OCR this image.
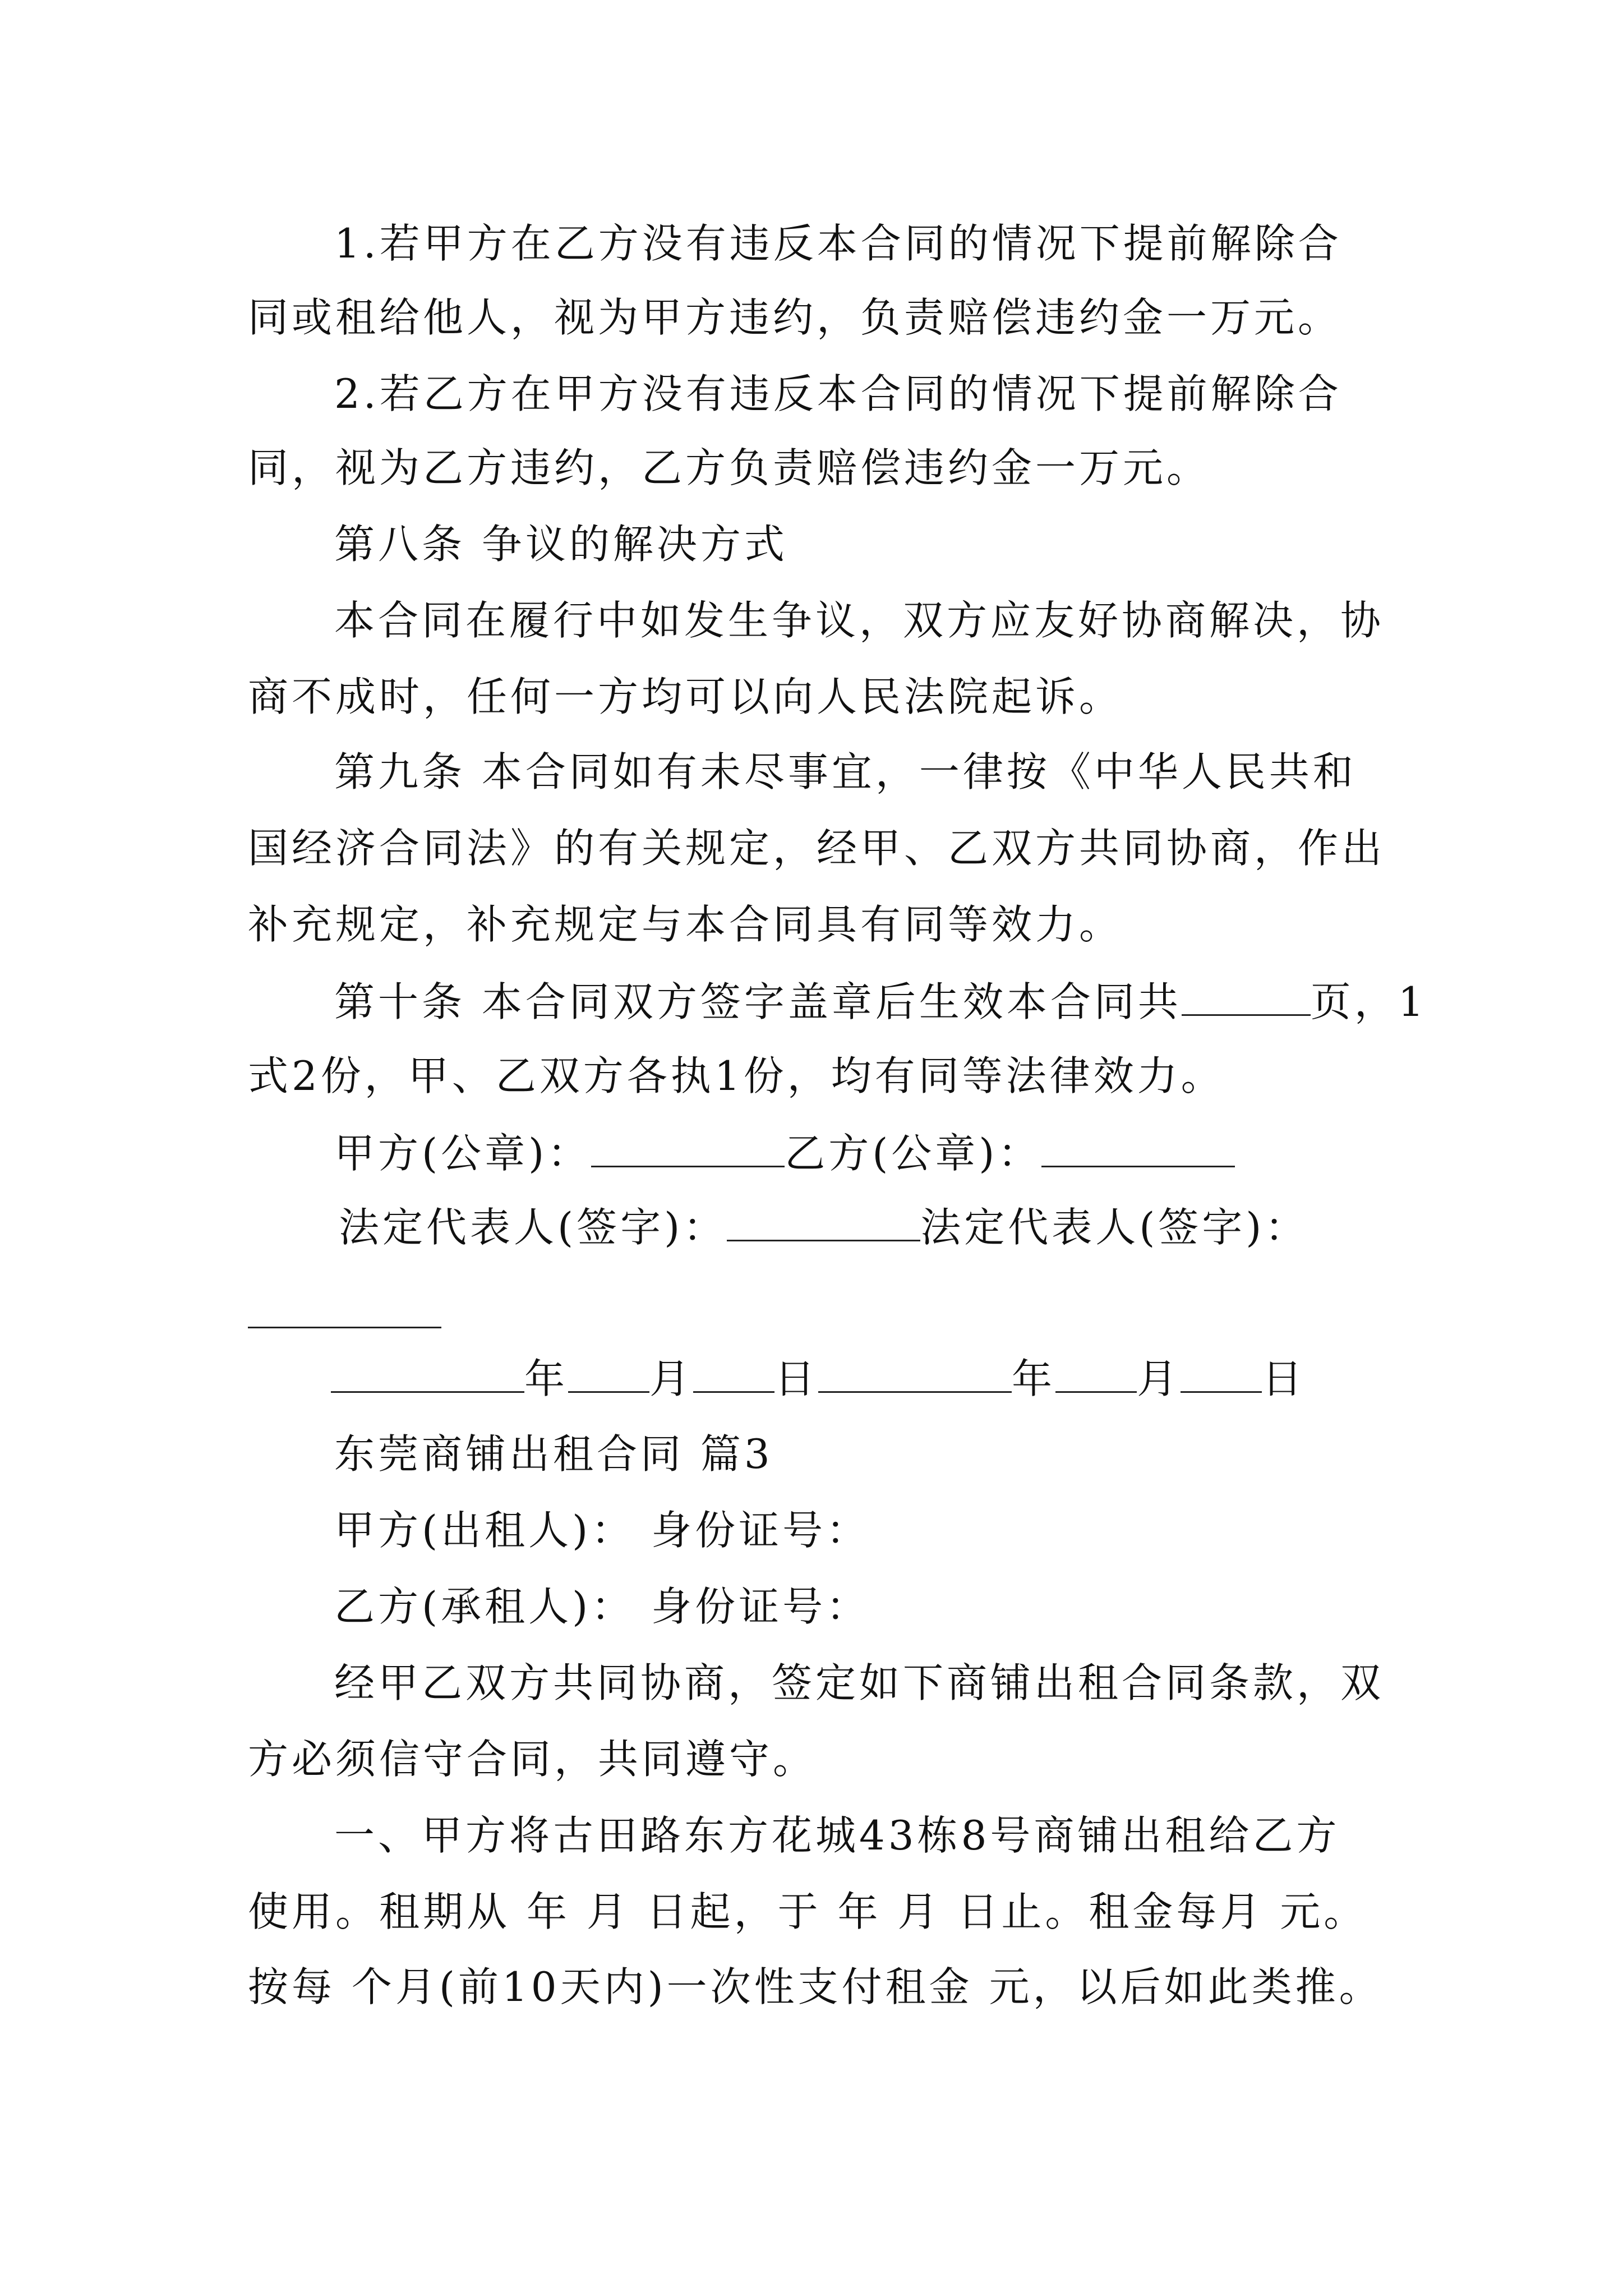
1.若甲方在乙方没有违反本合同的情况下提前解除合
同或租给他人，视为甲方违约，负责赔偿违约金一万元。
2.若乙方在甲方没有违反本合同的情况下提前解除合
同，视为乙方违约，乙方负责赔偿违约金一万元。
第八条 争议的解决方式
本合同在履行中如发生争议，双方应友好协商解决，协
商不成时，任何一方均可以向人民法院起诉。
第九条 本合同如有未尽事宜，一律按《中华人民共和
国经济合同法》的有关规定，经甲、乙双方共同协商，作出
补充规定，补充规定与本合同具有同等效力。
第十条 本合同双方签字盖章后生效本合同共	页，1
式2份，甲、乙双方各执1份，均有同等法律效力。
甲方(公章)：	乙方(公章)：
法定代表人(签字)：	法定代表人(签字)：
年 月 日	年 月 日
东莞商铺出租合同 篇3
甲方(出租人)： 身份证号：
乙方(承租人)： 身份证号：
经甲乙双方共同协商，签定如下商铺出租合同条款，双
方必须信守合同，共同遵守。
一、甲方将古田路东方花城43栋8号商铺出租给乙方
使用。租期从 年 月 日起，于 年 月 日止。租金每月 元。
按每 个月(前10天内)一次性支付租金 元，以后如此类推。
